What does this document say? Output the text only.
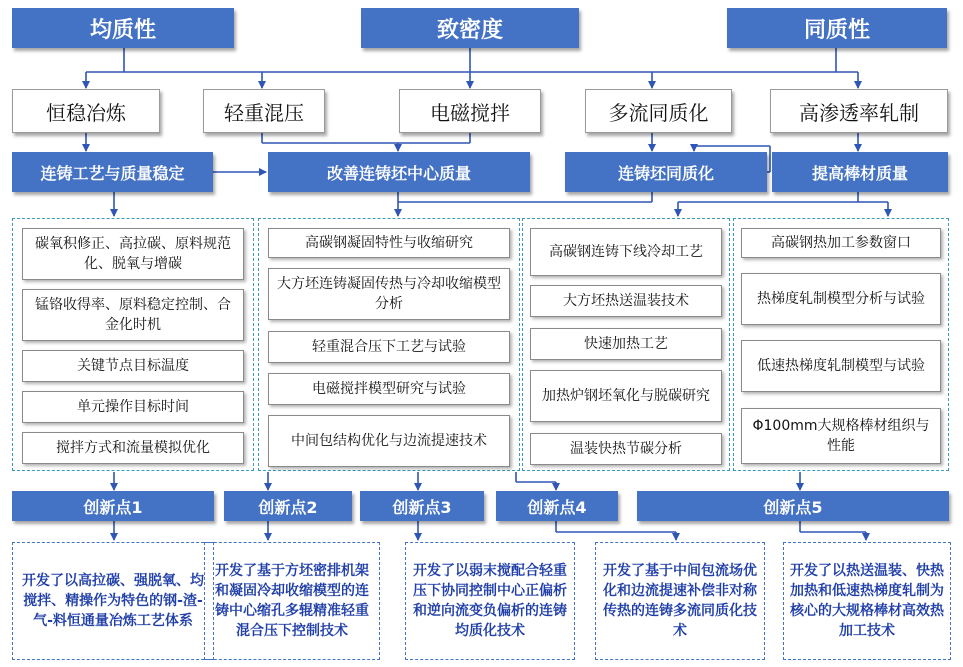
均质性	致密度	同质性
恒稳冶炼	轻重混压	电磁搅拌	多流同质化	高渗透率轧制
连铸工艺与质量稳定	改善连铸坯中心质量	连铸坯同质化	提高棒材质量
碳氧积修正、高拉碳、原料规范化、脱氧与增碳
锰铬收得率、原料稳定控制、合金化时机
关键节点目标温度
单元操作目标时间
搅拌方式和流量模拟优化
高碳钢凝固特性与收缩研究
大方坯连铸凝固传热与冷却收缩模型分析
轻重混合压下工艺与试验
电磁搅拌模型研究与试验
中间包结构优化与边流提速技术
高碳钢连铸下线冷却工艺
大方坯热送温装技术
快速加热工艺
加热炉钢坯氧化与脱碳研究
温装快热节碳分析
高碳钢热加工参数窗口
热梯度轧制模型分析与试验
低速热梯度轧制模型与试验
Φ100mm大规格棒材组织与性能
创新点1	创新点2	创新点3	创新点4	创新点5
开发了以高拉碳、强脱氧、均搅拌、精操作为特色的钢-渣-气-料恒通量冶炼工艺体系
开发了基于方坯密排机架和凝固冷却收缩模型的连铸中心缩孔多辊精准轻重混合压下控制技术
开发了以弱末搅配合轻重压下协同控制中心正偏析和逆向流变负偏析的连铸均质化技术
开发了基于中间包流场优化和边流提速补偿非对称传热的连铸多流同质化技术
开发了以热送温装、快热加热和低速热梯度轧制为核心的大规格棒材高效热加工技术
